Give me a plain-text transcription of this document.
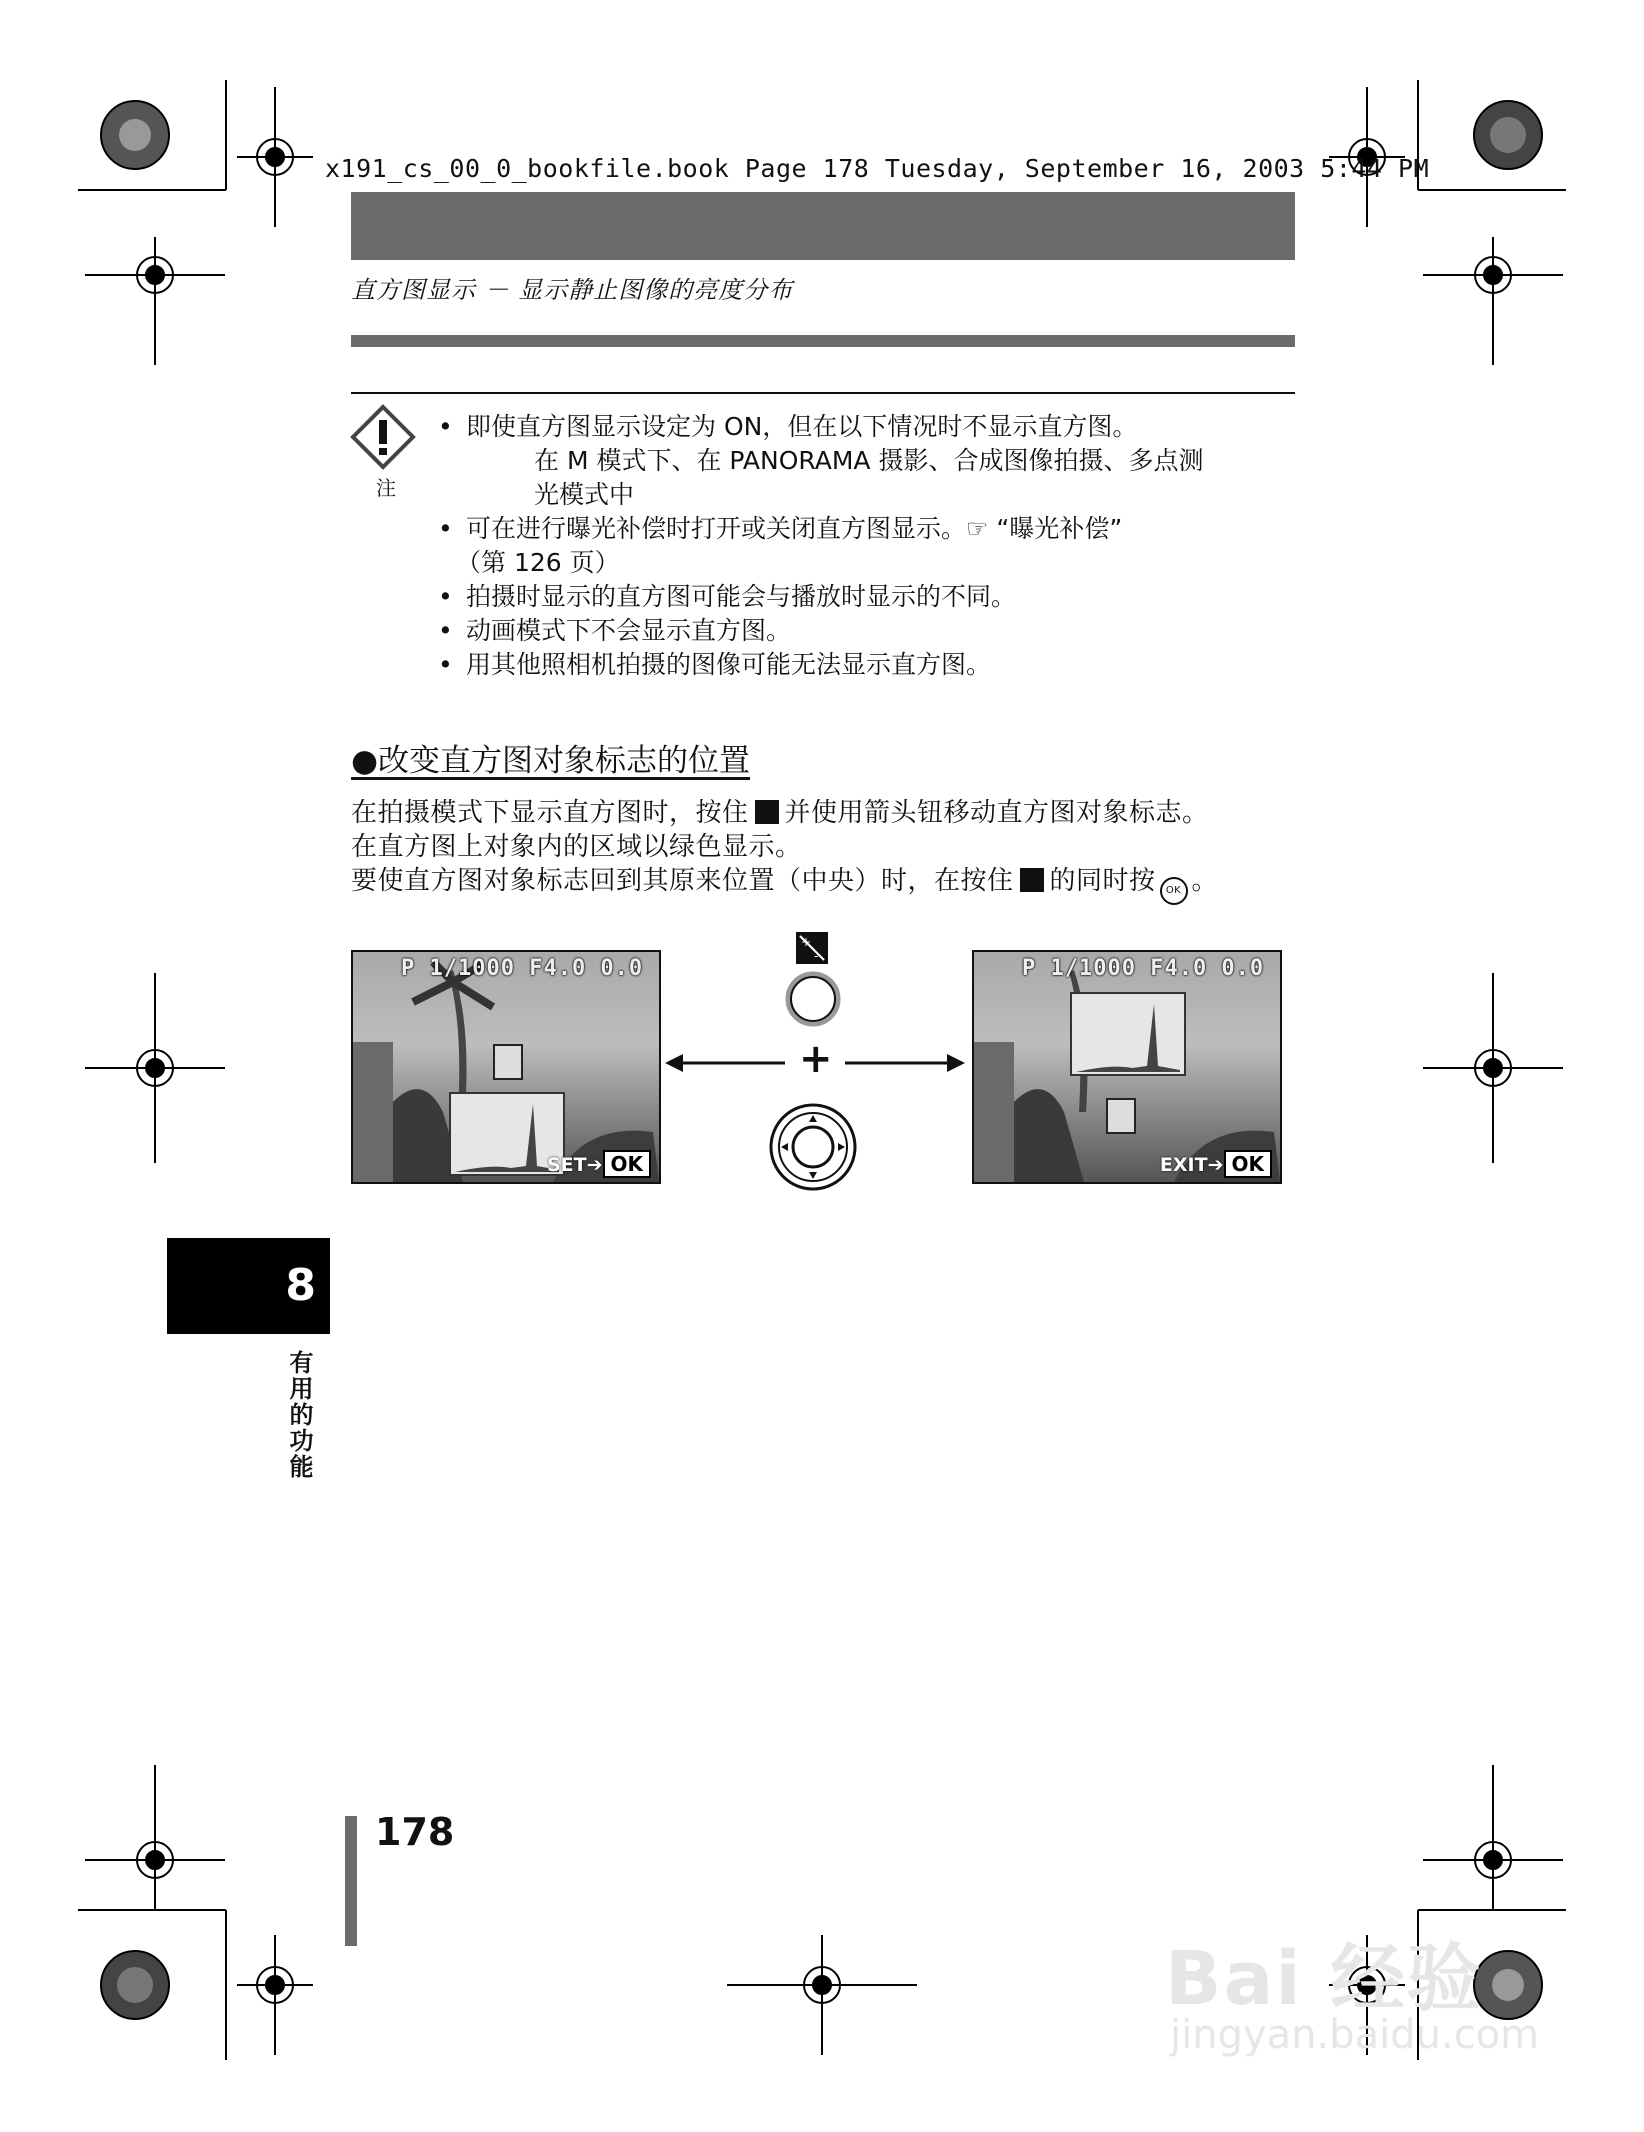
x191_cs_00_0_bookfile.book Page 178 Tuesday, September 16, 2003 5:44 PM
直方图显示 － 显示静止图像的亮度分布
注
• 即使直方图显示设定为 ON，但在以下情况时不显示直方图。
在 M 模式下、在 PANORAMA 摄影、合成图像拍摄、多点测
光模式中
• 可在进行曝光补偿时打开或关闭直方图显示。☞ “曝光补偿”
（第 126 页）
• 拍摄时显示的直方图可能会与播放时显示的不同。
• 动画模式下不会显示直方图。
• 用其他照相机拍摄的图像可能无法显示直方图。
●改变直方图对象标志的位置
在拍摄模式下显示直方图时，按住 并使用箭头钮移动直方图对象标志。
在直方图上对象内的区域以绿色显示。
要使直方图对象标志回到其原来位置（中央）时，在按住 的同时按 OK 。
P 1/1000 F4.0 0.0
SET➔ OK
P 1/1000 F4.0 0.0
EXIT➔ OK
+
-
+
8
有用的功能
178
Bai 经验
jingyan.baidu.com
